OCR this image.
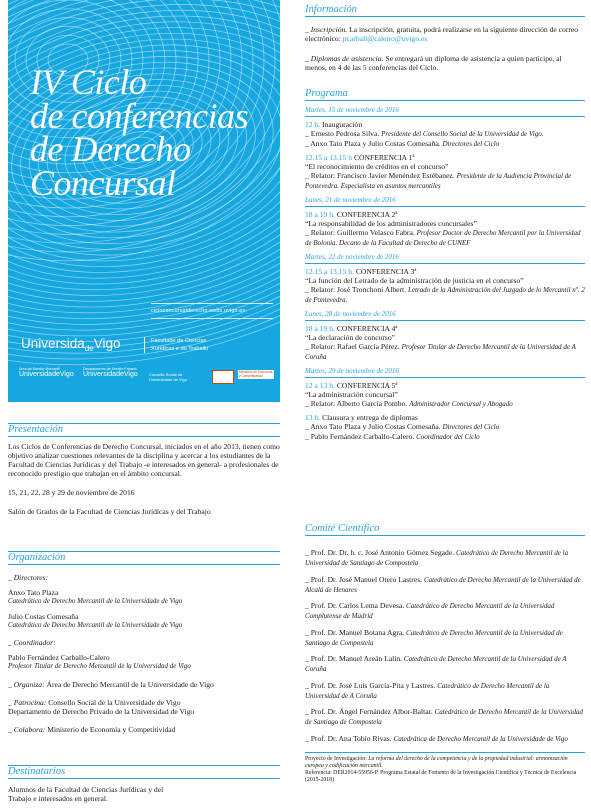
IV Ciclo
de conferencias
de Derecho
Concursal
cicloconcursalderecho.webs.uvigo.es
Universida$_{de}$Vigo	Facultade de Ciencias
Xurídicas e do Traballo
Área de Dereito Mercantil
UniversidadeVigo
Departamento de Dereito Privado
UniversidadeVigo	Consello Social da Universidade de Vigo
Ministerio de Economía y Competitividad
Presentación
Los Ciclos de Conferencias de Derecho Concursal, iniciados en el año 2013, tienen como objetivo analizar cuestiones relevantes de la disciplina y acercar a los estudiantes de la Facultad de Ciencias Jurídicas y del Trabajo -e interesados en general- a profesionales de reconocido prestigio que trabajan en el ámbito concursal.
15, 21, 22, 28 y 29 de noviembre de 2016
Salón de Grados de la Facultad de Ciencias Jurídicas y del Trabajo
Organización
_ Directores:
Anxo Tato Plaza
Catedrático de Derecho Mercantil de la Universidade de Vigo
Julio Costas Comesaña
Catedrático de Derecho Mercantil de la Universidade de Vigo
_ Coordinador:
Pablo Fernández Carballo-Calero
Profesor Titular de Derecho Mercantil de la Universidad de Vigo
_ Organiza: Área de Derecho Mercantil de la Universidade de Vigo
_ Patrocina: Consello Social de la Universidade de Vigo
Departamento de Derecho Privado de la Universidad de Vigo
_ Colabora: Ministerio de Economía y Competitividad
Destinatarios
Alumnos de la Facultad de Ciencias Jurídicas y del Trabajo e interesados en general.
Información
_ Inscripción. La inscripción, gratuita, podrá realizarse en la siguiente dirección de correo electrónico: pcarball@caleiro@uvigo.es
_ Diplomas de asistencia. Se entregará un diploma de asistencia a quien participe, al menos, en 4 de las 5 conferencias del Ciclo.
Programa
Martes, 15 de noviembre de 2016
12 h. Inauguración
_ Ernesto Pedrosa Silva. Presidente del Consello Social de la Universidad de Vigo.
_ Anxo Tato Plaza y Julio Costas Comesaña. Directores del Ciclo
12.15 a 13.15 h CONFERENCIA 1ª
“El reconocimiento de créditos en el concurso”
_ Relator: Francisco Javier Menéndez Estébanez. Presidente de la Audiencia Provincial de Pontevedra. Especialista en asuntos mercantiles
Lunes, 21 de noviembre de 2016
18 a 19 h. CONFERENCIA 2ª
“La responsabilidad de los administradores concursales”
_ Relator: Guillermo Velasco Fabra. Profesor Doctor de Derecho Mercantil por la Universidad de Bolonia. Decano de la Facultad de Derecho de CUNEF
Martes, 22 de noviembre de 2016
12.15 a 13.15 h. CONFERENCIA 3ª
“La función del Letrado de la administración de justicia en el concurso”
_ Relator: José Tronchoni Albert. Letrado de la Administración del Juzgado de lo Mercantil nº. 2 de Pontevedra.
Lunes, 28 de noviembre de 2016
18 a 19 h. CONFERENCIA 4ª
“La declaración de concurso”
_ Relator: Rafael García Pérez. Profesor Titular de Derecho Mercantil de la Universidad de A Coruña
Martes, 29 de noviembre de 2016
12 a 13 h. CONFERENCIA 5ª
“La administración concursal”
_ Relator: Alberto García Pombo. Administrador Concursal y Abogado
13 h. Clausura y entrega de diplomas
_ Anxo Tato Plaza y Julio Costas Comesaña. Directores del Ciclo
_ Pablo Fernández Carballo-Calero. Coordinador del Ciclo
Comité Científico
_ Prof. Dr. Dr. h. c. José Antonio Gómez Segade. Catedrático de Derecho Mercantil de la Universidad de Santiago de Compostela
_ Prof. Dr. José Manuel Otero Lastres. Catedrático de Derecho Mercantil de la Universidad de Alcalá de Henares
_ Prof. Dr. Carlos Lema Devesa. Catedrático de Derecho Mercantil de la Universidad Complutense de Madrid
_ Prof. Dr. Manuel Botana Agra. Catedrático de Derecho Mercantil de la Universidad de Santiago de Compostela
_ Prof. Dr. Manuel Areán Lalín. Catedrático de Derecho Mercantil de la Universidad de A Coruña
_ Prof. Dr. José Luis García-Pita y Lastres. Catedrático de Derecho Mercantil de la Universidad de A Coruña
_ Prof. Dr. Ángel Fernández Albor-Baltar. Catedrático de Derecho Mercantil de la Universidad de Santiago de Compostela
_ Prof. Dr. Ana Tobío Rivas. Catedrática de Derecho Mercantil de la Universidade de Vigo
Proyecto de Investigación: La reforma del derecho de la competencia y de la propiedad industrial: armonización europea y codificación mercantil.
Referencia: DER2014-55956-P. Programa Estatal de Fomento de la Investigación Científica y Técnica de Excelencia (2015-2018)
